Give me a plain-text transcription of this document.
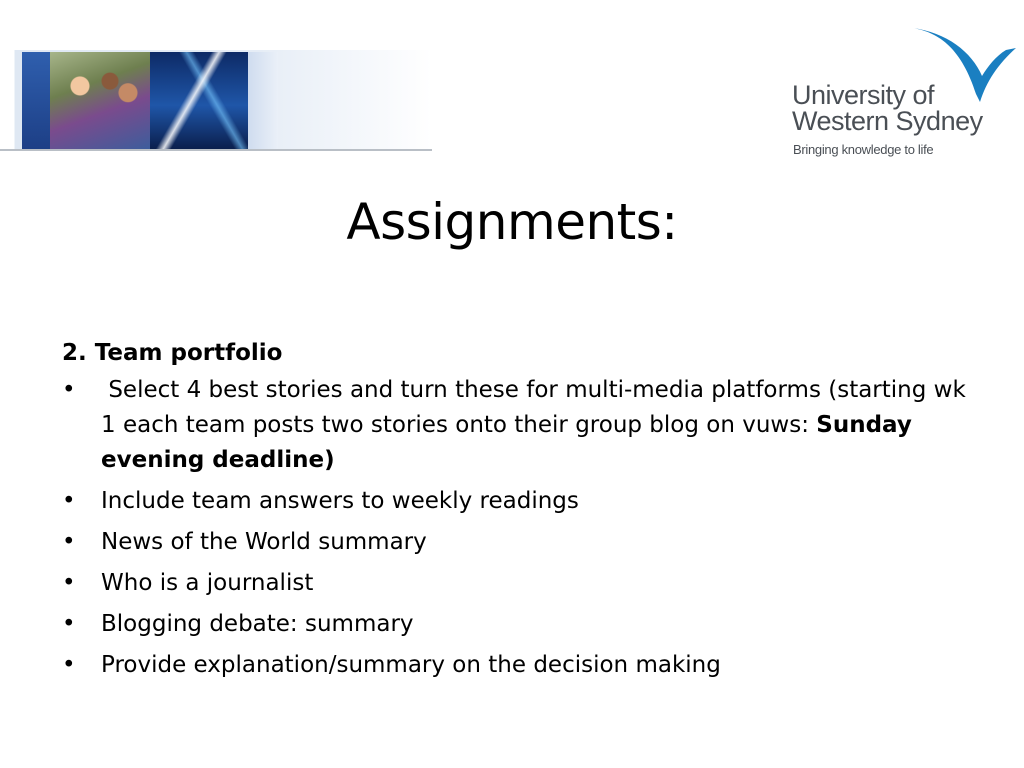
University of
Western Sydney
Bringing knowledge to life
Assignments:
2. Team portfolio
• Select 4 best stories and turn these for multi-media platforms (starting wk 1 each team posts two stories onto their group blog on vuws: Sunday evening deadline)
• Include team answers to weekly readings
• News of the World summary
• Who is a journalist
• Blogging debate: summary
• Provide explanation/summary on the decision making
